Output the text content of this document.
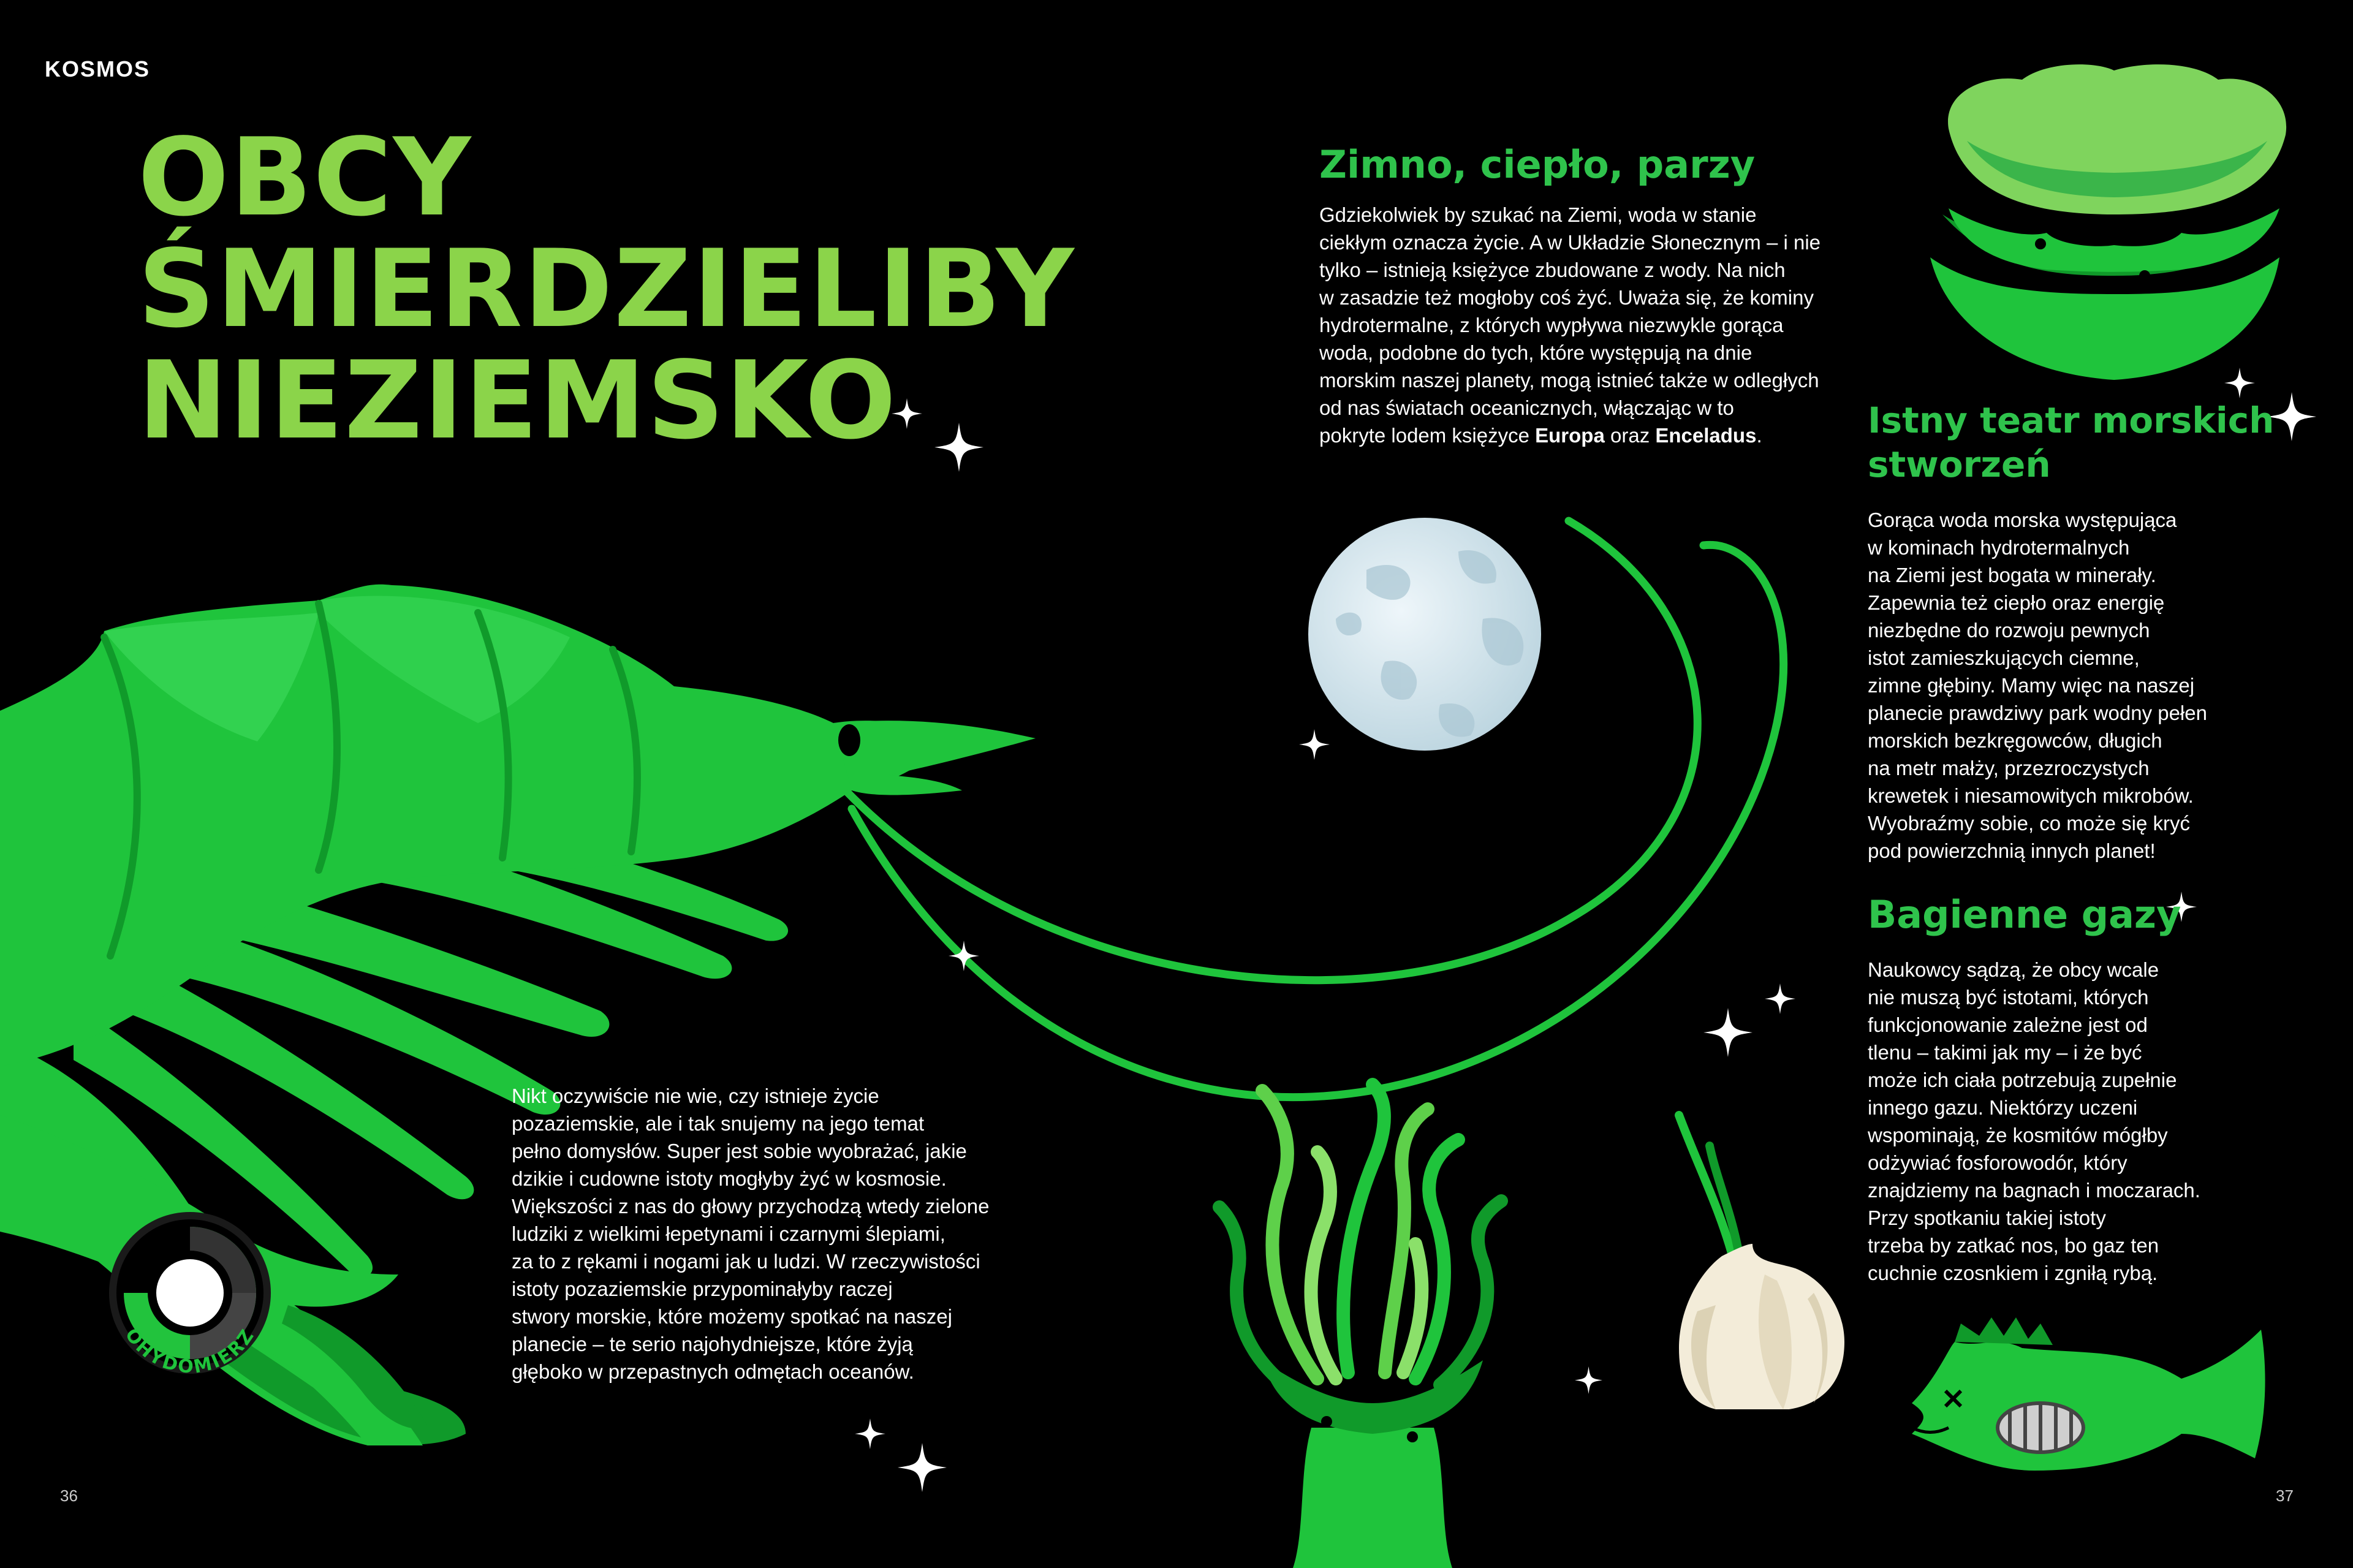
OHYDOMIERZ
KOSMOS
OBCY
ŚMIERDZIELIBY
NIEZIEMSKO
Zimno, ciepło, parzy
Gdziekolwiek by szukać na Ziemi, woda w stanie
ciekłym oznacza życie. A w Układzie Słonecznym – i nie
tylko – istnieją księżyce zbudowane z wody. Na nich
w zasadzie też mogłoby coś żyć. Uważa się, że kominy
hydrotermalne, z których wypływa niezwykle gorąca
woda, podobne do tych, które występują na dnie
morskim naszej planety, mogą istnieć także w odległych
od nas światach oceanicznych, włączając w to
pokryte lodem księżyce Europa oraz Enceladus.
Nikt oczywiście nie wie, czy istnieje życie
pozaziemskie, ale i tak snujemy na jego temat
pełno domysłów. Super jest sobie wyobrażać, jakie
dzikie i cudowne istoty mogłyby żyć w kosmosie.
Większości z nas do głowy przychodzą wtedy zielone
ludziki z wielkimi łepetynami i czarnymi ślepiami,
za to z rękami i nogami jak u ludzi. W rzeczywistości
istoty pozaziemskie przypominałyby raczej
stwory morskie, które możemy spotkać na naszej
planecie – te serio najohydniejsze, które żyją
głęboko w przepastnych odmętach oceanów.
Istny teatr morskich
stworzeń
Gorąca woda morska występująca
w kominach hydrotermalnych
na Ziemi jest bogata w minerały.
Zapewnia też ciepło oraz energię
niezbędne do rozwoju pewnych
istot zamieszkujących ciemne,
zimne głębiny. Mamy więc na naszej
planecie prawdziwy park wodny pełen
morskich bezkręgowców, długich
na metr małży, przezroczystych
krewetek i niesamowitych mikrobów.
Wyobraźmy sobie, co może się kryć
pod powierzchnią innych planet!
Bagienne gazy
Naukowcy sądzą, że obcy wcale
nie muszą być istotami, których
funkcjonowanie zależne jest od
tlenu – takimi jak my – i że być
może ich ciała potrzebują zupełnie
innego gazu. Niektórzy uczeni
wspominają, że kosmitów mógłby
odżywiać fosforowodór, który
znajdziemy na bagnach i moczarach.
Przy spotkaniu takiej istoty
trzeba by zatkać nos, bo gaz ten
cuchnie czosnkiem i zgniłą rybą.
36	37
